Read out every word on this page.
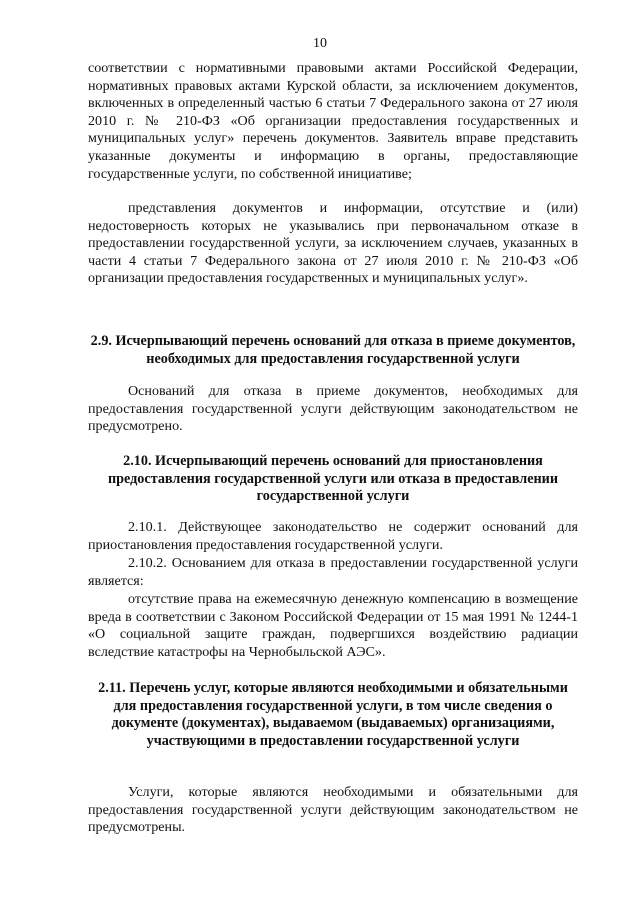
10

соответствии с нормативными правовыми актами Российской Федерации, нормативных правовых актами Курской области, за исключением документов, включенных в определенный частью 6 статьи 7 Федерального закона от 27 июля 2010 г. № 210-ФЗ «Об организации предоставления государственных и муниципальных услуг» перечень документов. Заявитель вправе представить указанные документы и информацию в органы, предоставляющие государственные услуги, по собственной инициативе;

представления документов и информации, отсутствие и (или) недостоверность которых не указывались при первоначальном отказе в предоставлении государственной услуги, за исключением случаев, указанных в части 4 статьи 7 Федерального закона от 27 июля 2010 г. № 210-ФЗ «Об организации предоставления государственных и муниципальных услуг».

2.9. Исчерпывающий перечень оснований для отказа в приеме документов, необходимых для предоставления государственной услуги

Оснований для отказа в приеме документов, необходимых для предоставления государственной услуги действующим законодательством не предусмотрено.

2.10. Исчерпывающий перечень оснований для приостановления предоставления государственной услуги или отказа в предоставлении государственной услуги

2.10.1. Действующее законодательство не содержит оснований для приостановления предоставления государственной услуги.

2.10.2. Основанием для отказа в предоставлении государственной услуги является:

отсутствие права на ежемесячную денежную компенсацию в возмещение вреда в соответствии с Законом Российской Федерации от 15 мая 1991 № 1244-1 «О социальной защите граждан, подвергшихся воздействию радиации вследствие катастрофы на Чернобыльской АЭС».

2.11. Перечень услуг, которые являются необходимыми и обязательными для предоставления государственной услуги, в том числе сведения о документе (документах), выдаваемом (выдаваемых) организациями, участвующими в предоставлении государственной услуги

Услуги, которые являются необходимыми и обязательными для предоставления государственной услуги действующим законодательством не предусмотрены.
